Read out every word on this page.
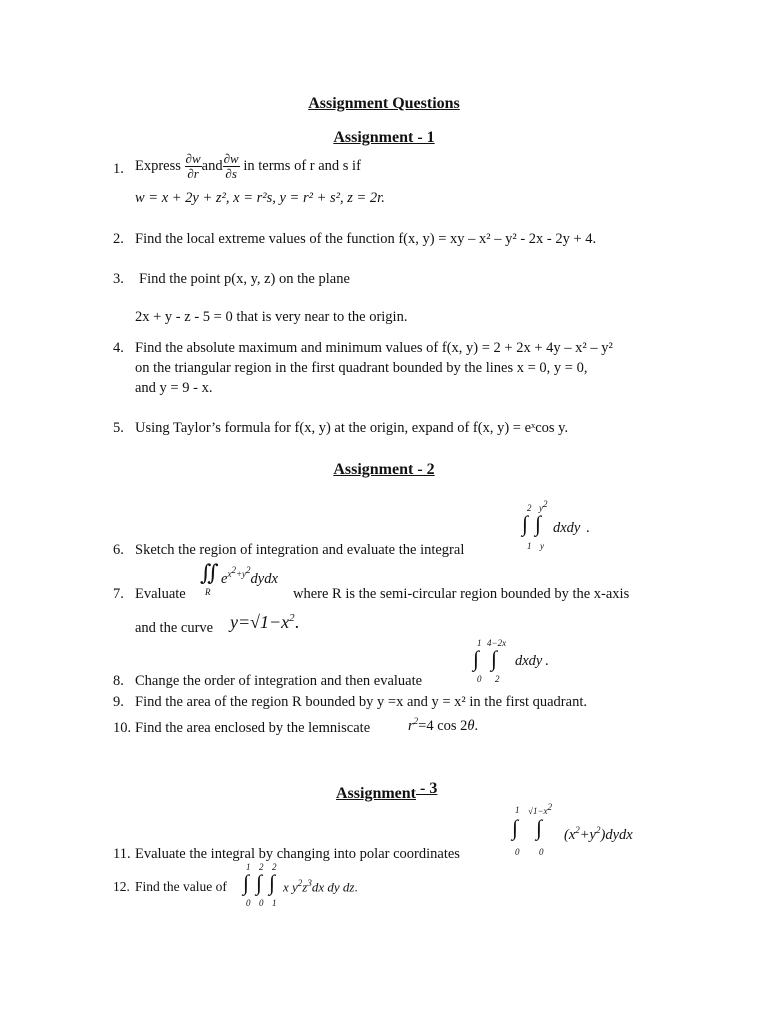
Assignment Questions
Assignment - 1
1. Express $\frac{\partial w}{\partial r}$ and $\frac{\partial w}{\partial s}$ in terms of r and s if
w = x + 2y + z², x = r²s, y = r² + s², z = 2r.
2. Find the local extreme values of the function f(x, y) = xy – x² – y² - 2x - 2y + 4.
3. Find the point p(x, y, z) on the plane
2x + y - z - 5 = 0 that is very near to the origin.
4. Find the absolute maximum and minimum values of f(x, y) = 2 + 2x + 4y – x² – y²
on the triangular region in the first quadrant bounded by the lines x = 0, y = 0,
and y = 9 - x.
5. Using Taylor’s formula for f(x, y) at the origin, expand of f(x, y) = eˣcos y.
Assignment - 2
2 $y^2$
∫ ∫ dxdy .
1 y
6. Sketch the region of integration and evaluate the integral
∬ $e^{x^2+y^2}dydx$
R
7. Evaluate	where R is the semi-circular region bounded by the x-axis
and the curve $y=√1-x^2$.
1 4−2x
∫ ∫ dxdy .
0 2
8. Change the order of integration and then evaluate
9. Find the area of the region R bounded by y =x and y = x² in the first quadrant.
10. Find the area enclosed by the lemniscate	$r^2=4$ cos 2θ.
Assignment - 3
1 $√1-x^2$
∫ ∫ $(x^2+y^2)dydx$
0 0
11. Evaluate the integral by changing into polar coordinates
12. Find the value of
1 2 2
∫ ∫ ∫ x $y^2z^3dx$ dy dz.
0 0 1
